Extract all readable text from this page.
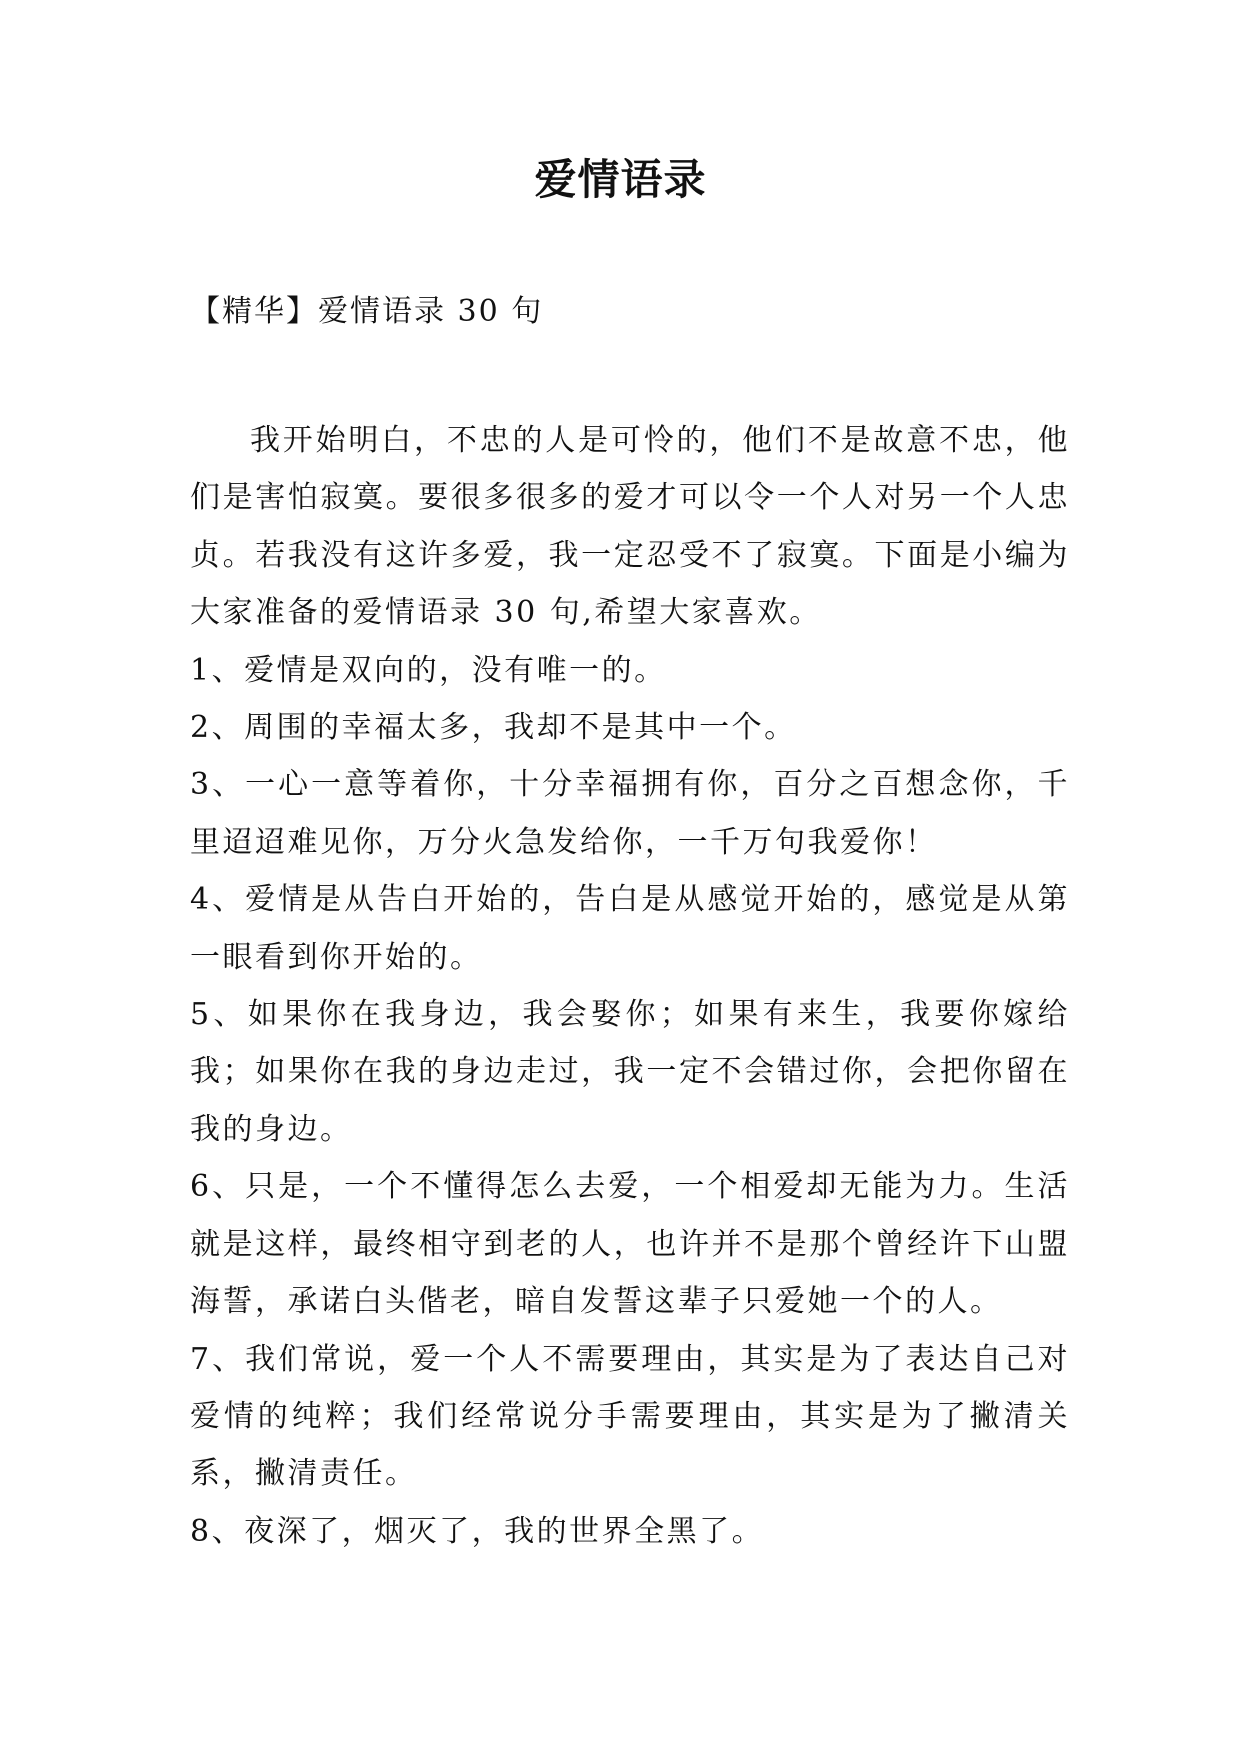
爱情语录
【精华】爱情语录 30 句

我开始明白，不忠的人是可怜的，他们不是故意不忠，他们是害怕寂寞。要很多很多的爱才可以令一个人对另一个人忠贞。若我没有这许多爱，我一定忍受不了寂寞。下面是小编为大家准备的爱情语录 30 句,希望大家喜欢。

1、爱情是双向的，没有唯一的。

2、周围的幸福太多，我却不是其中一个。

3、一心一意等着你，十分幸福拥有你，百分之百想念你，千里迢迢难见你，万分火急发给你，一千万句我爱你！

4、爱情是从告白开始的，告白是从感觉开始的，感觉是从第一眼看到你开始的。

5、如果你在我身边，我会娶你；如果有来生，我要你嫁给我；如果你在我的身边走过，我一定不会错过你，会把你留在我的身边。

6、只是，一个不懂得怎么去爱，一个相爱却无能为力。生活就是这样，最终相守到老的人，也许并不是那个曾经许下山盟海誓，承诺白头偕老，暗自发誓这辈子只爱她一个的人。

7、我们常说，爱一个人不需要理由，其实是为了表达自己对爱情的纯粹；我们经常说分手需要理由，其实是为了撇清关系，撇清责任。

8、夜深了，烟灭了，我的世界全黑了。
